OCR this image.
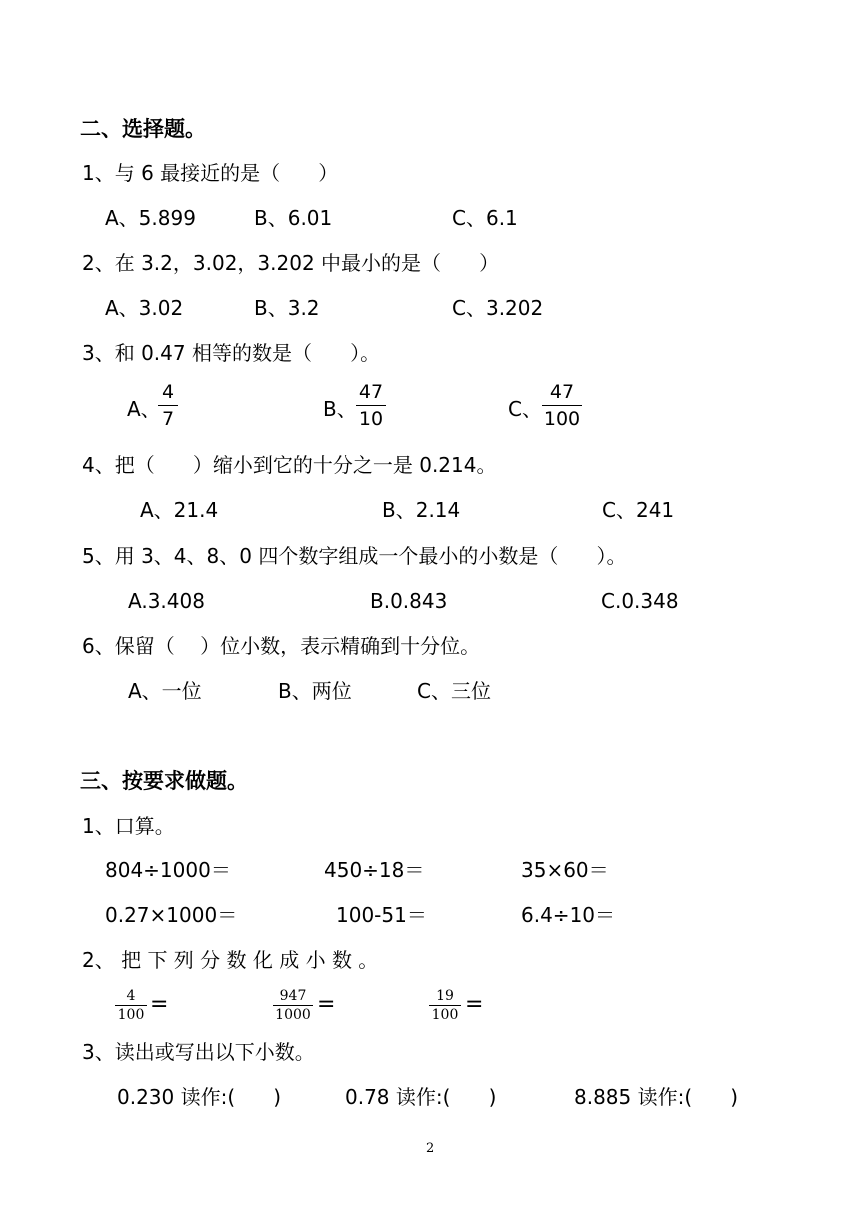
二、选择题。
1、与 6 最接近的是（      ）
A、5.899	B、6.01	C、6.1
2、在 3.2，3.02，3.202 中最小的是（      ）
A、3.02	B、3.2	C、3.202
3、和 0.47 相等的数是（      ）。
A、
4
7	B、
47
10	C、
47
100
4、把（      ）缩小到它的十分之一是 0.214。
A、21.4	B、2.14	C、241
5、用 3、4、8、0 四个数字组成一个最小的小数是（      ）。
A.3.408	B.0.843	C.0.348
6、保留（    ）位小数，表示精确到十分位。
A、一位	B、两位	C、三位
三、按要求做题。
1、口算。
804÷1000＝	450÷18＝	35×60＝
0.27×1000＝	100-51＝	6.4÷10＝
2、 把 下 列 分 数 化 成 小 数 。
4
100 =	947
1000 =	19
100 =
3、读出或写出以下小数。
0.230 读作:(      )	0.78 读作:(      )	8.885 读作:(      )
2
